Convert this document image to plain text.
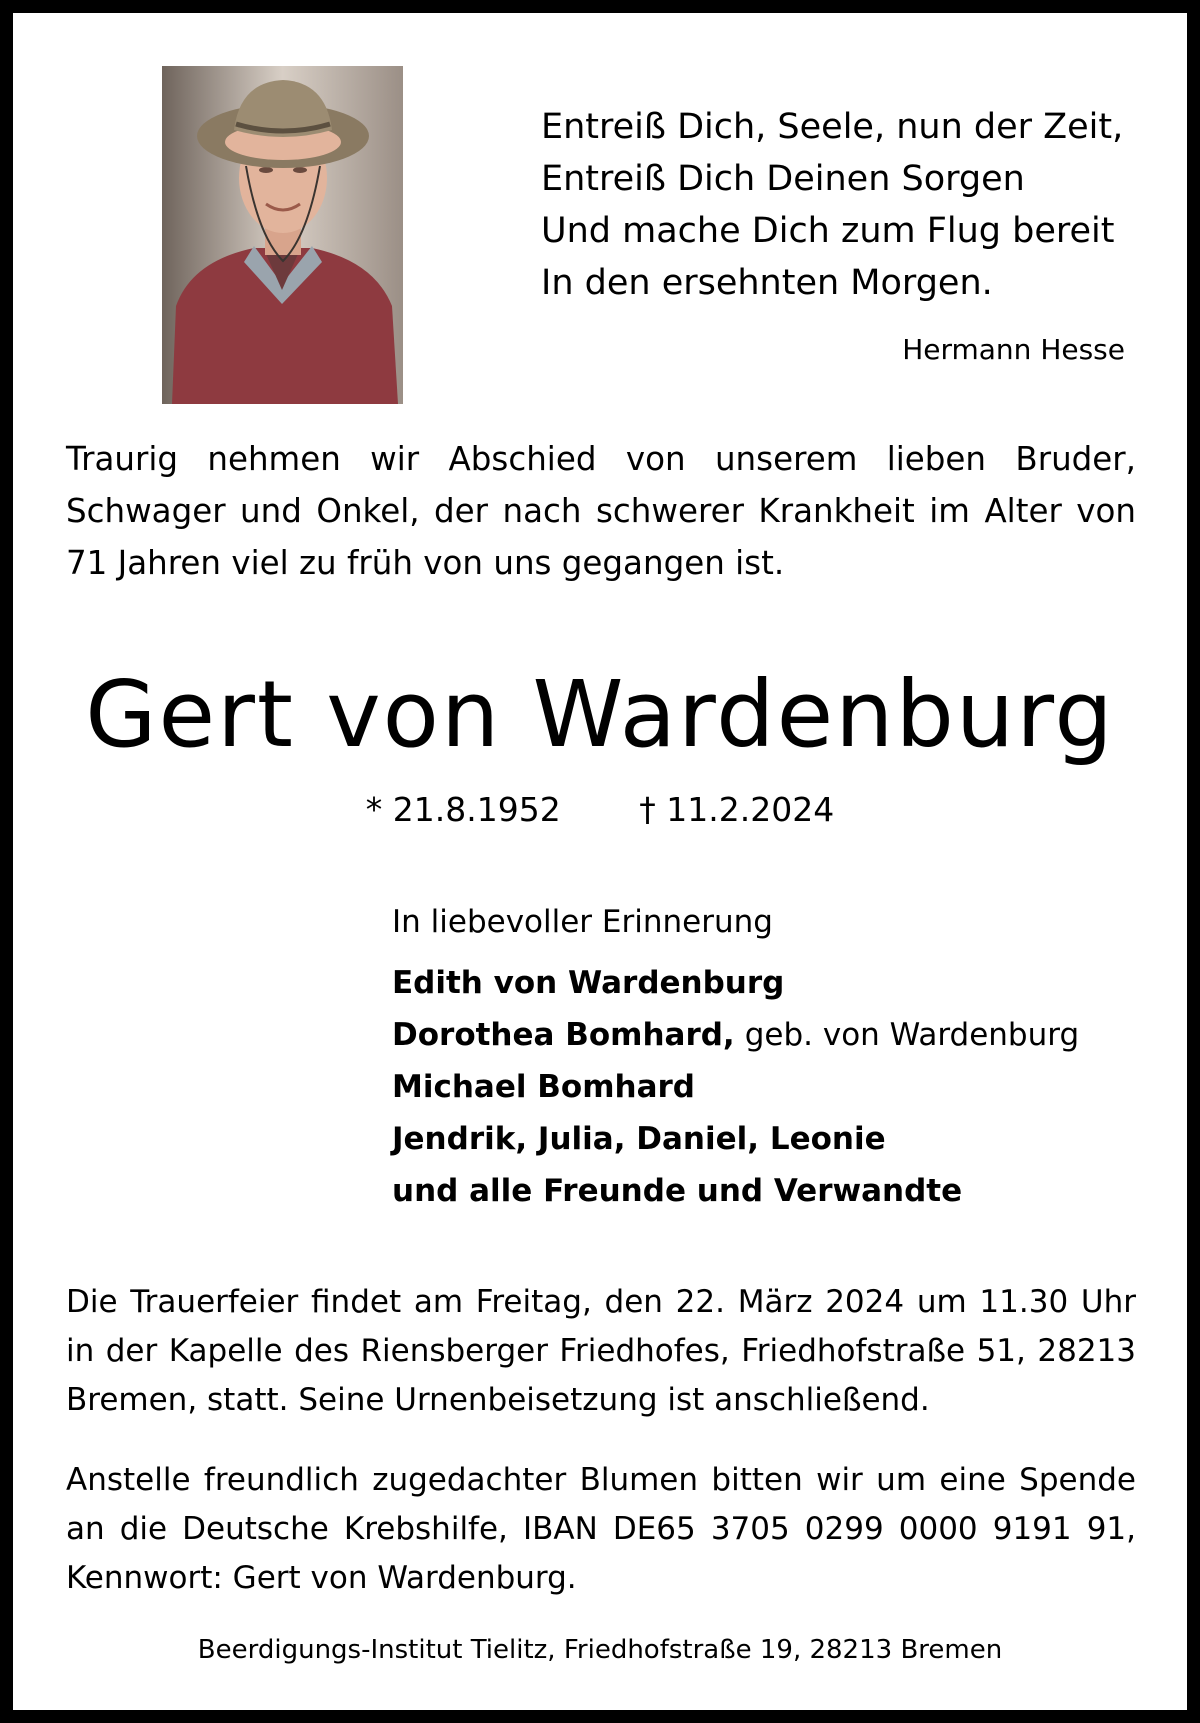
Entreiß Dich, Seele, nun der Zeit,
Entreiß Dich Deinen Sorgen
Und mache Dich zum Flug bereit
In den ersehnten Morgen.
Hermann Hesse
Traurig nehmen wir Abschied von unserem lieben Bruder, Schwager und Onkel, der nach schwerer Krankheit im Alter von 71 Jahren viel zu früh von uns gegangen ist.
Gert von Wardenburg
* 21.8.1952 † 11.2.2024
In liebevoller Erinnerung
Edith von Wardenburg
Dorothea Bomhard, geb. von Wardenburg
Michael Bomhard
Jendrik, Julia, Daniel, Leonie
und alle Freunde und Verwandte
Die Trauerfeier findet am Freitag, den 22. März 2024 um 11.30 Uhr in der Kapelle des Riensberger Friedhofes, Friedhofstraße 51, 28213 Bremen, statt. Seine Urnenbeisetzung ist anschließend.
Anstelle freundlich zugedachter Blumen bitten wir um eine Spende an die Deutsche Krebshilfe, IBAN DE65 3705 0299 0000 9191 91, Kennwort: Gert von Wardenburg.
Beerdigungs-Institut Tielitz, Friedhofstraße 19, 28213 Bremen
